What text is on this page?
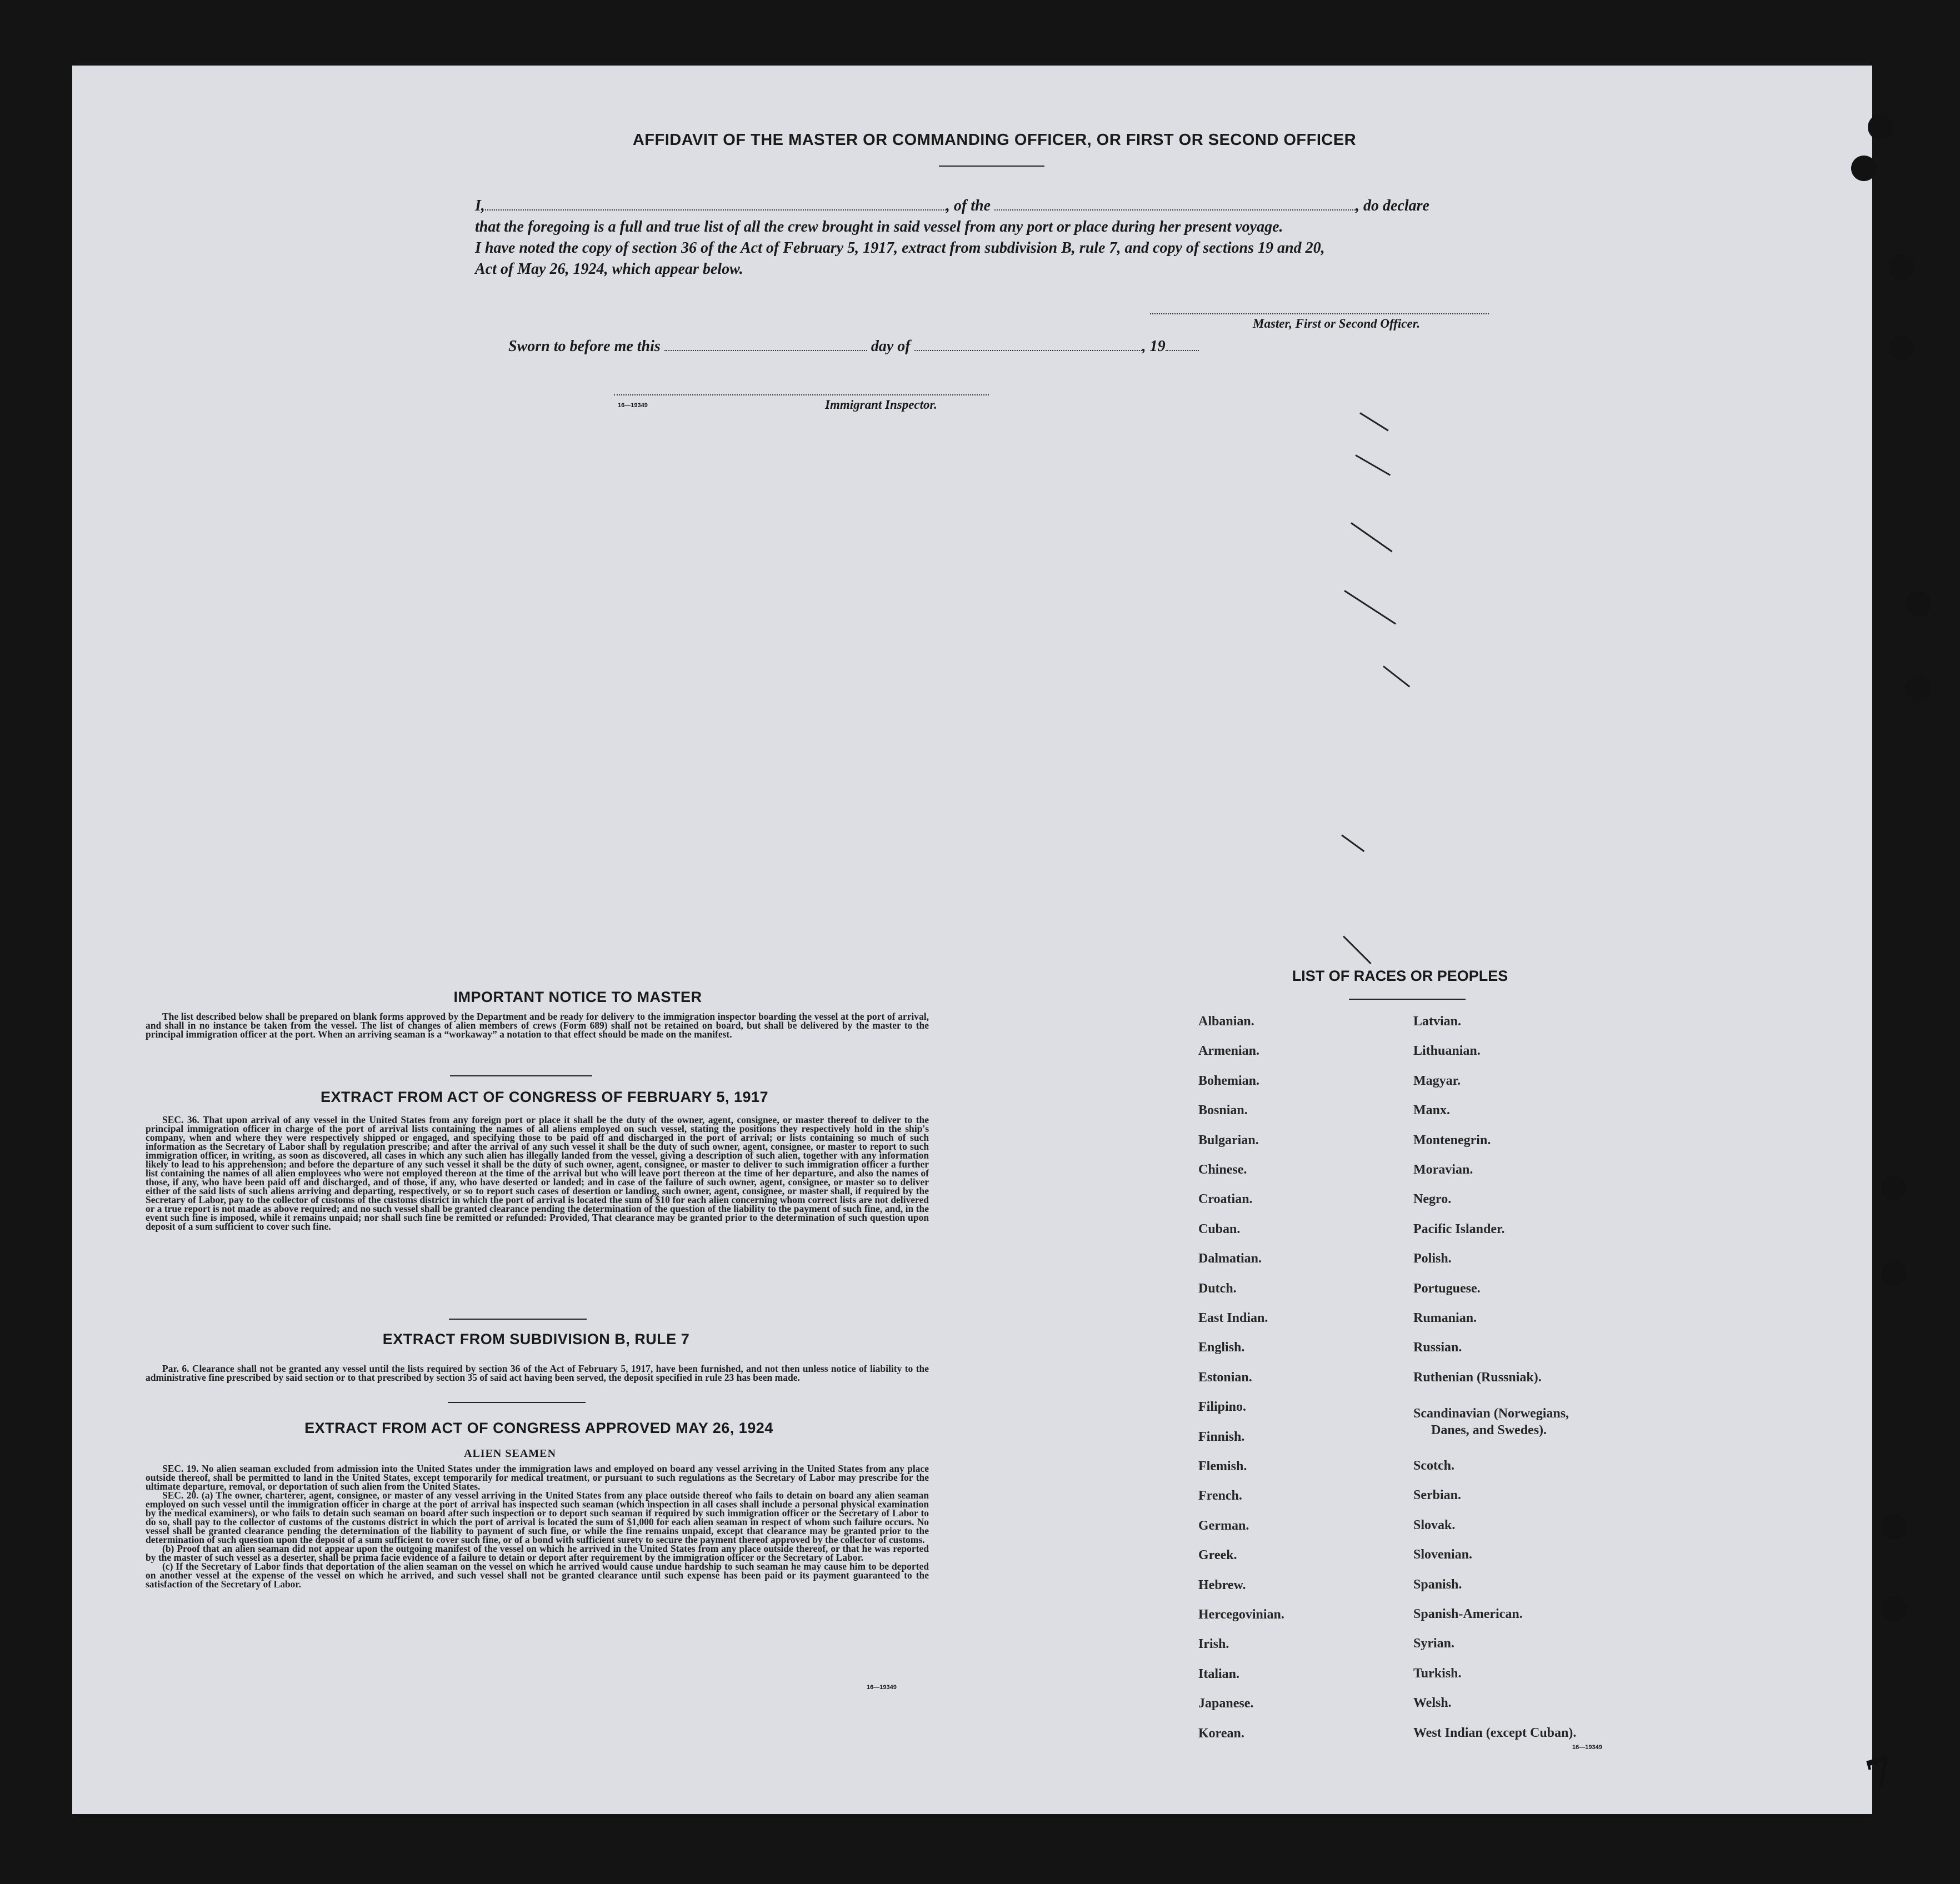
AFFIDAVIT OF THE MASTER OR COMMANDING OFFICER, OR FIRST OR SECOND OFFICER
I,	, of the	, do declare
that the foregoing is a full and true list of all the crew brought in said vessel from any port or place during her present voyage.
I have noted the copy of section 36 of the Act of February 5, 1917, extract from subdivision B, rule 7, and copy of sections 19 and 20,
Act of May 26, 1924, which appear below.
Master, First or Second Officer.
Sworn to before me this	day of	, 19
16—19349	Immigrant Inspector.
IMPORTANT NOTICE TO MASTER

The list described below shall be prepared on blank forms approved by the Department and be ready for delivery to the immigration inspector boarding the vessel at the port of arrival, and shall in no instance be taken from the vessel. The list of changes of alien members of crews (Form 689) shall not be retained on board, but shall be delivered by the master to the principal immigration officer at the port. When an arriving seaman is a “workaway” a notation to that effect should be made on the manifest.

EXTRACT FROM ACT OF CONGRESS OF FEBRUARY 5, 1917

SEC. 36. That upon arrival of any vessel in the United States from any foreign port or place it shall be the duty of the owner, agent, consignee, or master thereof to deliver to the principal immigration officer in charge of the port of arrival lists containing the names of all aliens employed on such vessel, stating the positions they respectively hold in the ship's company, when and where they were respectively shipped or engaged, and specifying those to be paid off and discharged in the port of arrival; or lists containing so much of such information as the Secretary of Labor shall by regulation prescribe; and after the arrival of any such vessel it shall be the duty of such owner, agent, consignee, or master to report to such immigration officer, in writing, as soon as discovered, all cases in which any such alien has illegally landed from the vessel, giving a description of such alien, together with any information likely to lead to his apprehension; and before the departure of any such vessel it shall be the duty of such owner, agent, consignee, or master to deliver to such immigration officer a further list containing the names of all alien employees who were not employed thereon at the time of the arrival but who will leave port thereon at the time of her departure, and also the names of those, if any, who have been paid off and discharged, and of those, if any, who have deserted or landed; and in case of the failure of such owner, agent, consignee, or master so to deliver either of the said lists of such aliens arriving and departing, respectively, or so to report such cases of desertion or landing, such owner, agent, consignee, or master shall, if required by the Secretary of Labor, pay to the collector of customs of the customs district in which the port of arrival is located the sum of $10 for each alien concerning whom correct lists are not delivered or a true report is not made as above required; and no such vessel shall be granted clearance pending the determination of the question of the liability to the payment of such fine, and, in the event such fine is imposed, while it remains unpaid; nor shall such fine be remitted or refunded: Provided, That clearance may be granted prior to the determination of such question upon deposit of a sum sufficient to cover such fine.

EXTRACT FROM SUBDIVISION B, RULE 7

Par. 6. Clearance shall not be granted any vessel until the lists required by section 36 of the Act of February 5, 1917, have been furnished, and not then unless notice of liability to the administrative fine prescribed by said section or to that prescribed by section 35 of said act having been served, the deposit specified in rule 23 has been made.

EXTRACT FROM ACT OF CONGRESS APPROVED MAY 26, 1924
ALIEN SEAMEN

SEC. 19. No alien seaman excluded from admission into the United States under the immigration laws and employed on board any vessel arriving in the United States from any place outside thereof, shall be permitted to land in the United States, except temporarily for medical treatment, or pursuant to such regulations as the Secretary of Labor may prescribe for the ultimate departure, removal, or deportation of such alien from the United States.

SEC. 20. (a) The owner, charterer, agent, consignee, or master of any vessel arriving in the United States from any place outside thereof who fails to detain on board any alien seaman employed on such vessel until the immigration officer in charge at the port of arrival has inspected such seaman (which inspection in all cases shall include a personal physical examination by the medical examiners), or who fails to detain such seaman on board after such inspection or to deport such seaman if required by such immigration officer or the Secretary of Labor to do so, shall pay to the collector of customs of the customs district in which the port of arrival is located the sum of $1,000 for each alien seaman in respect of whom such failure occurs. No vessel shall be granted clearance pending the determination of the liability to payment of such fine, or while the fine remains unpaid, except that clearance may be granted prior to the determination of such question upon the deposit of a sum sufficient to cover such fine, or of a bond with sufficient surety to secure the payment thereof approved by the collector of customs.

(b) Proof that an alien seaman did not appear upon the outgoing manifest of the vessel on which he arrived in the United States from any place outside thereof, or that he was reported by the master of such vessel as a deserter, shall be prima facie evidence of a failure to detain or deport after requirement by the immigration officer or the Secretary of Labor.

(c) If the Secretary of Labor finds that deportation of the alien seaman on the vessel on which he arrived would cause undue hardship to such seaman he may cause him to be deported on another vessel at the expense of the vessel on which he arrived, and such vessel shall not be granted clearance until such expense has been paid or its payment guaranteed to the satisfaction of the Secretary of Labor.

16—19349
LIST OF RACES OR PEOPLES
Albanian.
Armenian.
Bohemian.
Bosnian.
Bulgarian.
Chinese.
Croatian.
Cuban.
Dalmatian.
Dutch.
East Indian.
English.
Estonian.
Filipino.
Finnish.
Flemish.
French.
German.
Greek.
Hebrew.
Hercegovinian.
Irish.
Italian.
Japanese.
Korean.
Latvian.
Lithuanian.
Magyar.
Manx.
Montenegrin.
Moravian.
Negro.
Pacific Islander.
Polish.
Portuguese.
Rumanian.
Russian.
Ruthenian (Russniak).
Scandinavian (Norwegians,
Danes, and Swedes).
Scotch.
Serbian.
Slovak.
Slovenian.
Spanish.
Spanish-American.
Syrian.
Turkish.
Welsh.
West Indian (except Cuban).
16—19349	7
